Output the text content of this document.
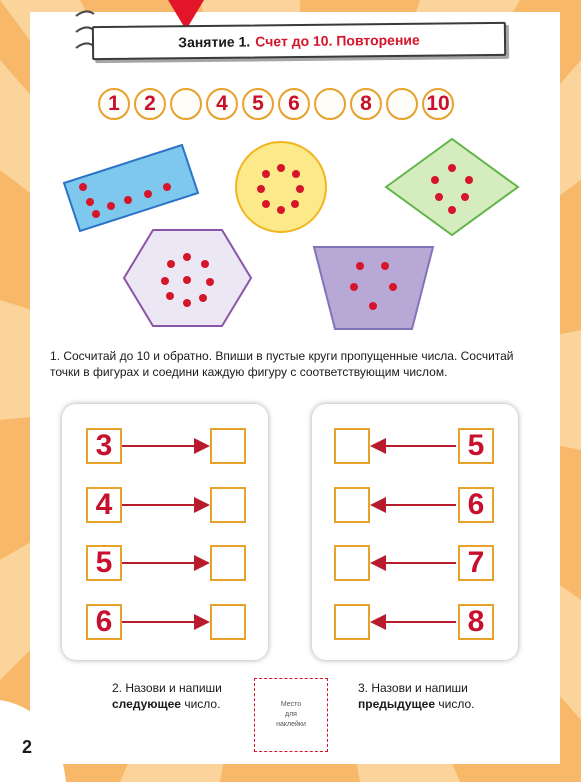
Занятие 1. Счет до 10. Повторение
1	2	4	5	6	8	10
1. Сосчитай до 10 и обратно. Впиши в пустые круги пропущенные числа. Сосчитай
точки в фигурах и соедини каждую фигуру с соответствующим числом.
3
4
5
6
5
6
7
8
2. Назови и напиши
следующее число.	Место
для
наклейки
3. Назови и напиши
предыдущее число.
2
